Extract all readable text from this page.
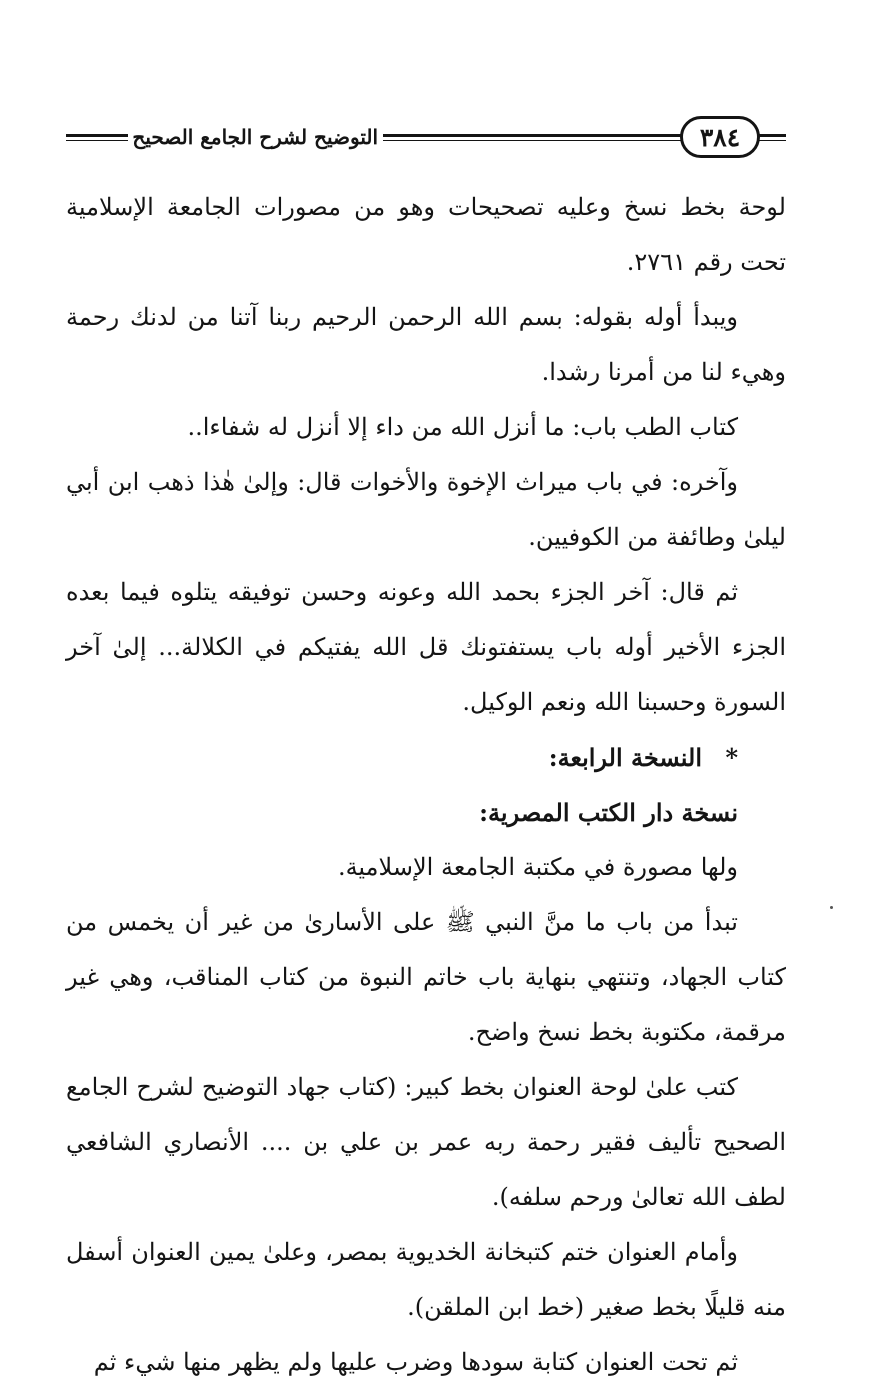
التوضيح لشرح الجامع الصحيح	٣٨٤

لوحة بخط نسخ وعليه تصحيحات وهو من مصورات الجامعة الإسلامية تحت رقم ٢٧٦١.

ويبدأ أوله بقوله: بسم الله الرحمن الرحيم ربنا آتنا من لدنك رحمة وهيء لنا من أمرنا رشدا.

كتاب الطب باب: ما أنزل الله من داء إلا أنزل له شفاءا..

وآخره: في باب ميراث الإخوة والأخوات قال: وإلىٰ هٰذا ذهب ابن أبي ليلىٰ وطائفة من الكوفيين.

ثم قال: آخر الجزء بحمد الله وعونه وحسن توفيقه يتلوه فيما بعده الجزء الأخير أوله باب يستفتونك قل الله يفتيكم في الكلالة... إلىٰ آخر السورة وحسبنا الله ونعم الوكيل.

*النسخة الرابعة:

نسخة دار الكتب المصرية:

ولها مصورة في مكتبة الجامعة الإسلامية.

تبدأ من باب ما منَّ النبي ﷺ على الأسارىٰ من غير أن يخمس من كتاب الجهاد، وتنتهي بنهاية باب خاتم النبوة من كتاب المناقب، وهي غير مرقمة، مكتوبة بخط نسخ واضح.

كتب علىٰ لوحة العنوان بخط كبير: (كتاب جهاد التوضيح لشرح الجامع الصحيح تأليف فقير رحمة ربه عمر بن علي بن .... الأنصاري الشافعي لطف الله تعالىٰ ورحم سلفه).

وأمام العنوان ختم كتبخانة الخديوية بمصر، وعلىٰ يمين العنوان أسفل منه قليلًا بخط صغير (خط ابن الملقن).

ثم تحت العنوان كتابة سودها وضرب عليها ولم يظهر منها شيء ثم
